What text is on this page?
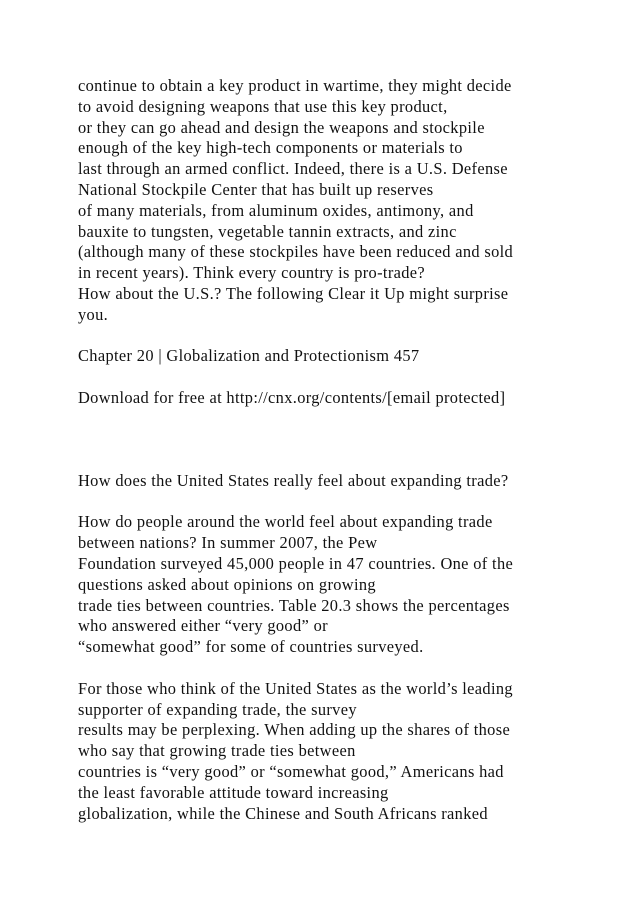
continue to obtain a key product in wartime, they might decide
to avoid designing weapons that use this key product,
or they can go ahead and design the weapons and stockpile
enough of the key high-tech components or materials to
last through an armed conflict. Indeed, there is a U.S. Defense
National Stockpile Center that has built up reserves
of many materials, from aluminum oxides, antimony, and
bauxite to tungsten, vegetable tannin extracts, and zinc
(although many of these stockpiles have been reduced and sold
in recent years). Think every country is pro-trade?
How about the U.S.? The following Clear it Up might surprise
you.

Chapter 20 | Globalization and Protectionism 457

Download for free at http://cnx.org/contents/[email protected]

How does the United States really feel about expanding trade?

How do people around the world feel about expanding trade
between nations? In summer 2007, the Pew
Foundation surveyed 45,000 people in 47 countries. One of the
questions asked about opinions on growing
trade ties between countries. Table 20.3 shows the percentages
who answered either “very good” or
“somewhat good” for some of countries surveyed.

For those who think of the United States as the world’s leading
supporter of expanding trade, the survey
results may be perplexing. When adding up the shares of those
who say that growing trade ties between
countries is “very good” or “somewhat good,” Americans had
the least favorable attitude toward increasing
globalization, while the Chinese and South Africans ranked
